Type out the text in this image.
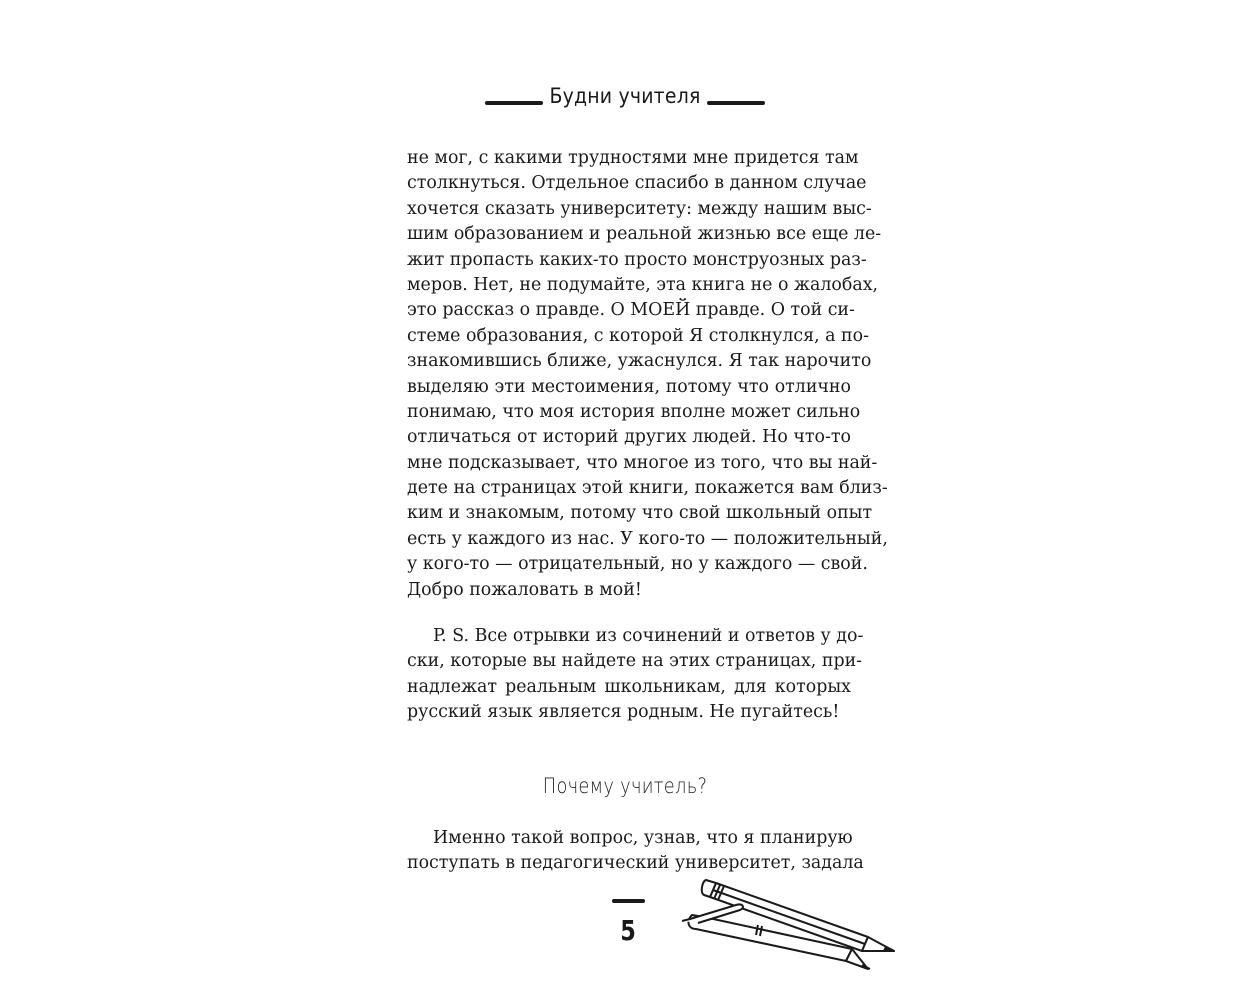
Будни учителя
не мог, с какими трудностями мне придется там
столкнуться. Отдельное спасибо в данном случае
хочется сказать университету: между нашим выс-
шим образованием и реальной жизнью все еще ле-
жит пропасть каких-то просто монструозных раз-
меров. Нет, не подумайте, эта книга не о жалобах,
это рассказ о правде. О МОЕЙ правде. О той си-
стеме образования, с которой Я столкнулся, а по-
знакомившись ближе, ужаснулся. Я так нарочито
выделяю эти местоимения, потому что отлично
понимаю, что моя история вполне может сильно
отличаться от историй других людей. Но что-то
мне подсказывает, что многое из того, что вы най-
дете на страницах этой книги, покажется вам близ-
ким и знакомым, потому что свой школьный опыт
есть у каждого из нас. У кого-то — положительный,
у кого-то — отрицательный, но у каждого — свой.
Добро пожаловать в мой!
P. S. Все отрывки из сочинений и ответов у до-
ски, которые вы найдете на этих страницах, при-
надлежат реальным школьникам, для которых
русский язык является родным. Не пугайтесь!
Почему учитель?
Именно такой вопрос, узнав, что я планирую
поступать в педагогический университет, задала
5
